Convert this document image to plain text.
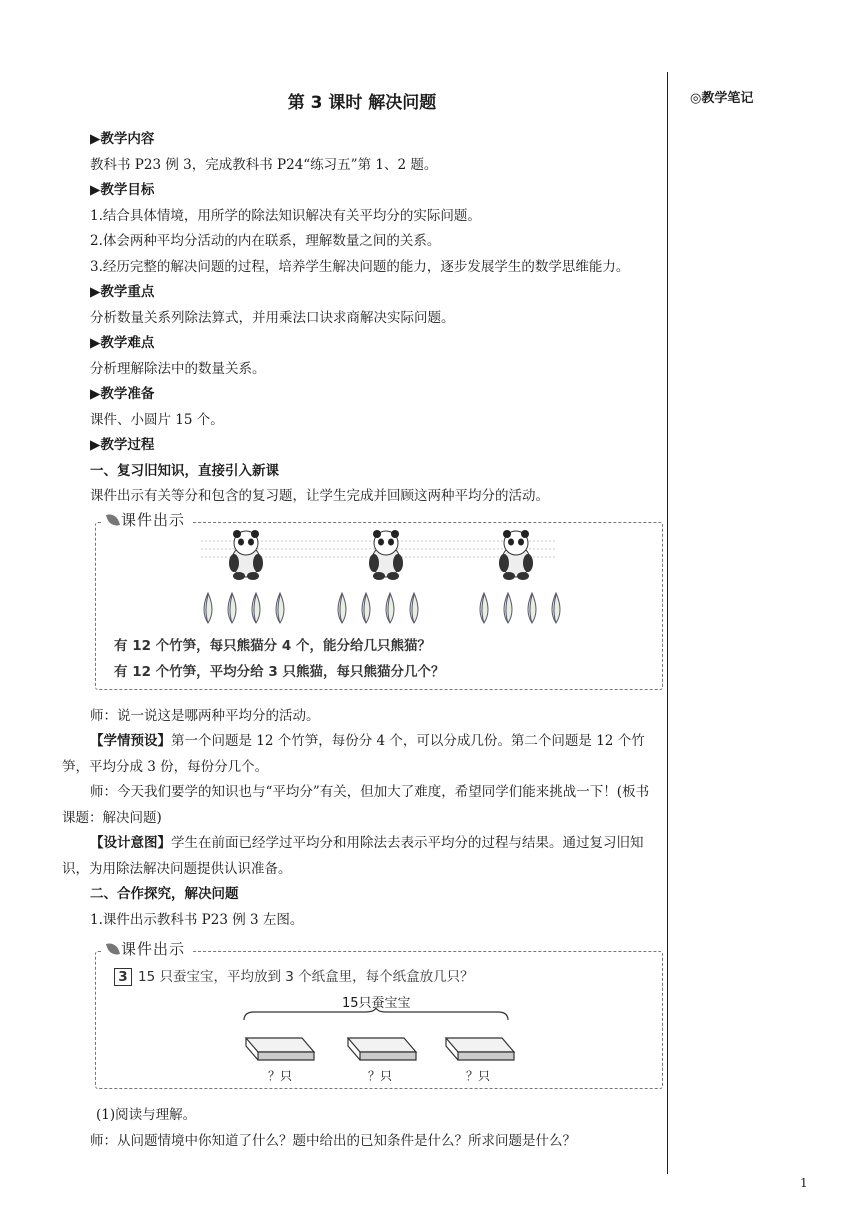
◎教学笔记
第 3 课时 解决问题

▶教学内容

教科书 P23 例 3，完成教科书 P24“练习五”第 1、2 题。

▶教学目标

1.结合具体情境，用所学的除法知识解决有关平均分的实际问题。

2.体会两种平均分活动的内在联系，理解数量之间的关系。

3.经历完整的解决问题的过程，培养学生解决问题的能力，逐步发展学生的数学思维能力。

▶教学重点

分析数量关系列除法算式，并用乘法口诀求商解决实际问题。

▶教学难点

分析理解除法中的数量关系。

▶教学准备

课件、小圆片 15 个。

▶教学过程

一、复习旧知识，直接引入新课

课件出示有关等分和包含的复习题，让学生完成并回顾这两种平均分的活动。

课件出示

有 12 个竹笋，每只熊猫分 4 个，能分给几只熊猫？

有 12 个竹笋，平均分给 3 只熊猫，每只熊猫分几个？

师：说一说这是哪两种平均分的活动。

【学情预设】第一个问题是 12 个竹笋，每份分 4 个，可以分成几份。第二个问题是 12 个竹笋，平均分成 3 份，每份分几个。

师：今天我们要学的知识也与“平均分”有关，但加大了难度，希望同学们能来挑战一下！(板书课题：解决问题)

【设计意图】学生在前面已经学过平均分和用除法去表示平均分的过程与结果。通过复习旧知识，为用除法解决问题提供认识准备。

二、合作探究，解决问题

1.课件出示教科书 P23 例 3 左图。

课件出示

3 15 只蚕宝宝，平均放到 3 个纸盒里，每个纸盒放几只？

15只蚕宝宝
？只	？只	？只

(1)阅读与理解。

师：从问题情境中你知道了什么？题中给出的已知条件是什么？所求问题是什么？

1
